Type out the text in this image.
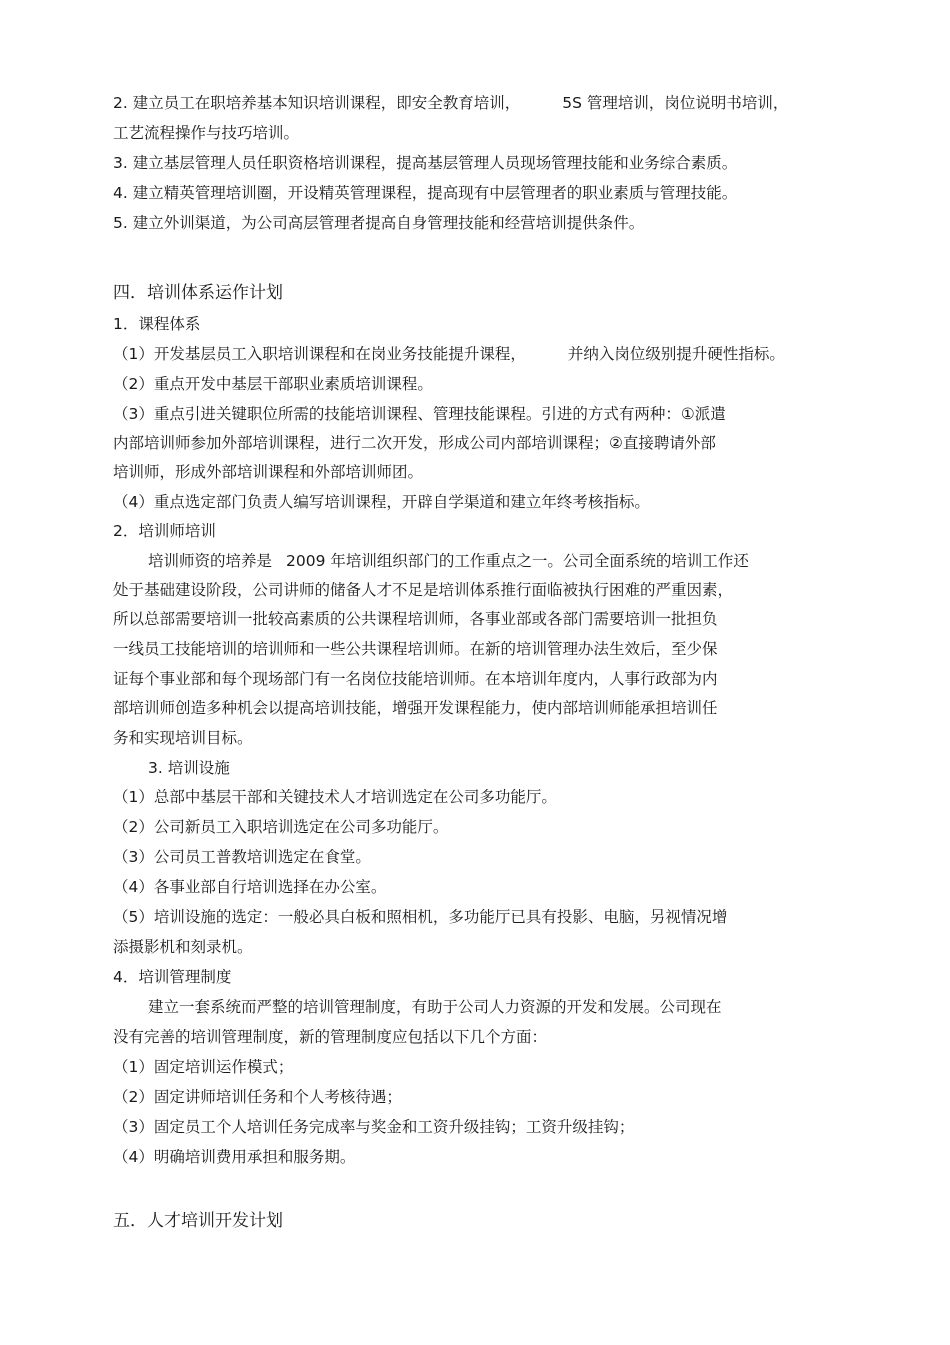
2. 建立员工在职培养基本知识培训课程，即安全教育培训，	5S 管理培训，岗位说明书培训，
工艺流程操作与技巧培训。
3. 建立基层管理人员任职资格培训课程，提高基层管理人员现场管理技能和业务综合素质。
4. 建立精英管理培训圈，开设精英管理课程，提高现有中层管理者的职业素质与管理技能。
5. 建立外训渠道，为公司高层管理者提高自身管理技能和经营培训提供条件。
四．培训体系运作计划
1．课程体系
（1）开发基层员工入职培训课程和在岗业务技能提升课程，	并纳入岗位级别提升硬性指标。
（2）重点开发中基层干部职业素质培训课程。
（3）重点引进关键职位所需的技能培训课程、管理技能课程。引进的方式有两种：①派遣
内部培训师参加外部培训课程，进行二次开发，形成公司内部培训课程；②直接聘请外部
培训师，形成外部培训课程和外部培训师团。
（4）重点选定部门负责人编写培训课程，开辟自学渠道和建立年终考核指标。
2．培训师培训
培训师资的培养是 2009 年培训组织部门的工作重点之一。公司全面系统的培训工作还
处于基础建设阶段，公司讲师的储备人才不足是培训体系推行面临被执行困难的严重因素，
所以总部需要培训一批较高素质的公共课程培训师，各事业部或各部门需要培训一批担负
一线员工技能培训的培训师和一些公共课程培训师。在新的培训管理办法生效后，至少保
证每个事业部和每个现场部门有一名岗位技能培训师。在本培训年度内，人事行政部为内
部培训师创造多种机会以提高培训技能，增强开发课程能力，使内部培训师能承担培训任
务和实现培训目标。
3. 培训设施
（1）总部中基层干部和关键技术人才培训选定在公司多功能厅。
（2）公司新员工入职培训选定在公司多功能厅。
（3）公司员工普教培训选定在食堂。
（4）各事业部自行培训选择在办公室。
（5）培训设施的选定：一般必具白板和照相机，多功能厅已具有投影、电脑，另视情况增
添摄影机和刻录机。
4．培训管理制度
建立一套系统而严整的培训管理制度，有助于公司人力资源的开发和发展。公司现在
没有完善的培训管理制度，新的管理制度应包括以下几个方面：
（1）固定培训运作模式；
（2）固定讲师培训任务和个人考核待遇；
（3）固定员工个人培训任务完成率与奖金和工资升级挂钩；工资升级挂钩；
（4）明确培训费用承担和服务期。
五．人才培训开发计划
